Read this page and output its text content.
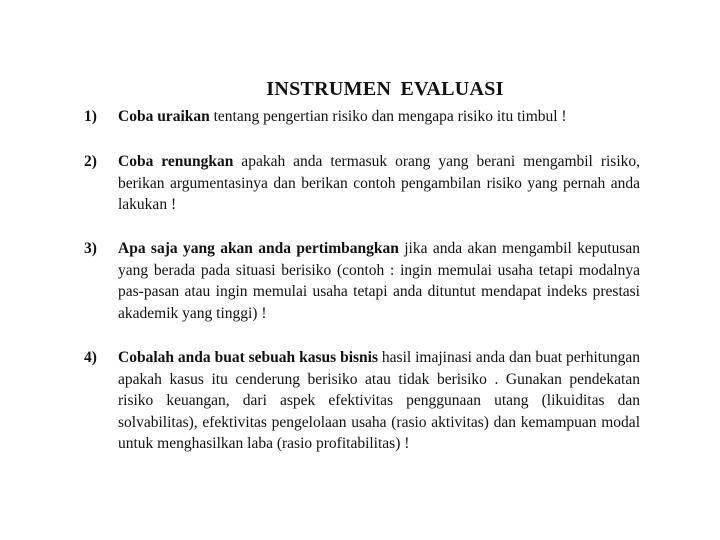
INSTRUMEN EVALUASI
1) Coba uraikan tentang pengertian risiko dan mengapa risiko itu timbul !
2) Coba renungkan apakah anda termasuk orang yang berani mengambil risiko, berikan argumentasinya dan berikan contoh pengambilan risiko yang pernah anda lakukan !
3) Apa saja yang akan anda pertimbangkan jika anda akan mengambil keputusan yang berada pada situasi berisiko (contoh : ingin memulai usaha tetapi modalnya pas-pasan atau ingin memulai usaha tetapi anda dituntut mendapat indeks prestasi akademik yang tinggi) !
4) Cobalah anda buat sebuah kasus bisnis hasil imajinasi anda dan buat perhitungan apakah kasus itu cenderung berisiko atau tidak berisiko . Gunakan pendekatan risiko keuangan, dari aspek efektivitas penggunaan utang (likuiditas dan solvabilitas), efektivitas pengelolaan usaha (rasio aktivitas) dan kemampuan modal untuk menghasilkan laba (rasio profitabilitas) !
